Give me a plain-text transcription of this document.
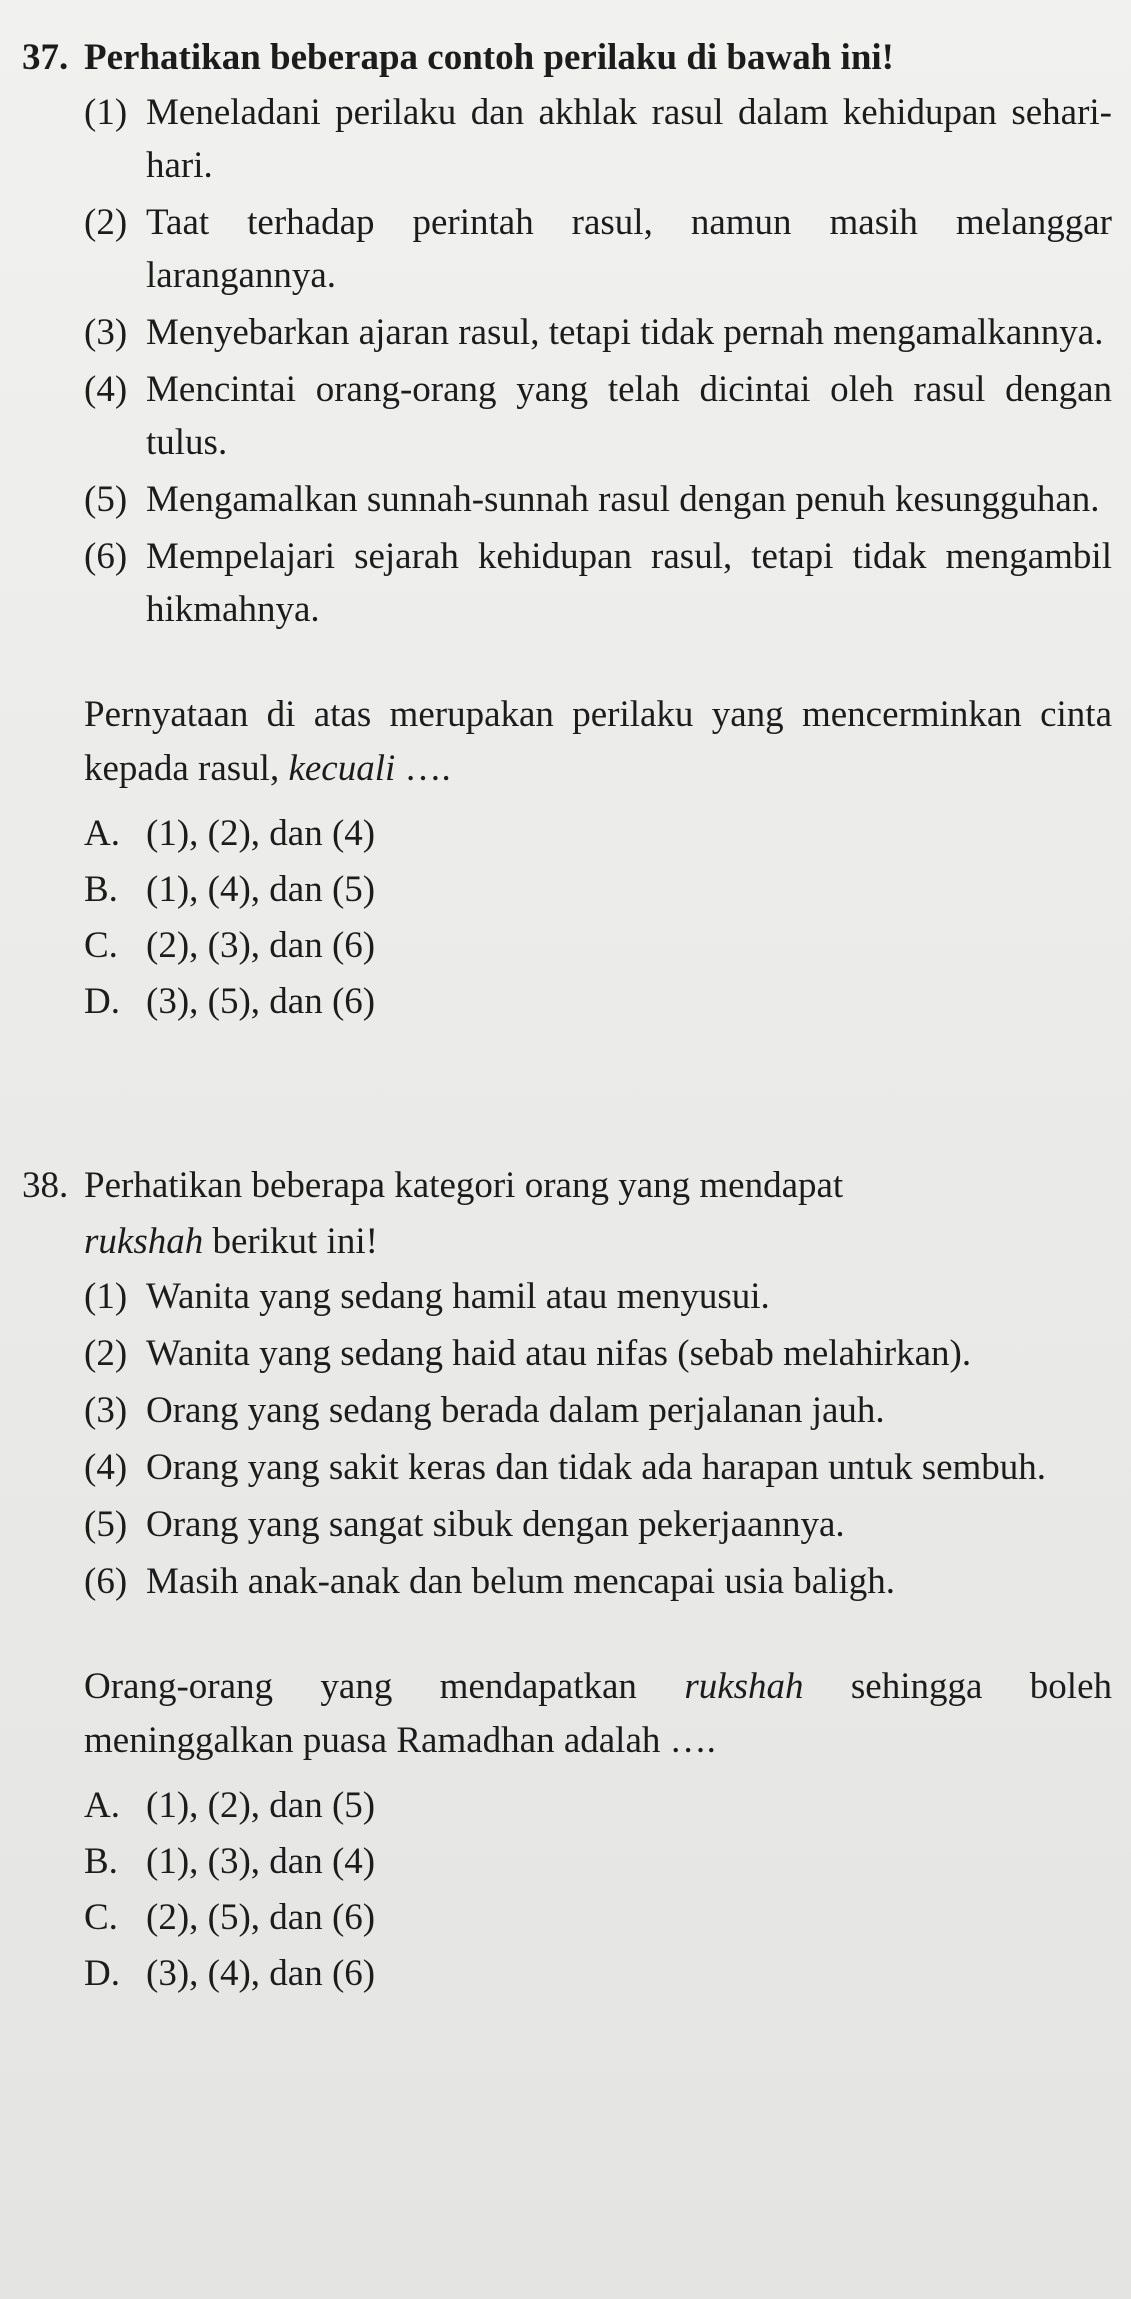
37. Perhatikan beberapa contoh perilaku di bawah ini!
(1) Meneladani perilaku dan akhlak rasul dalam kehidupan sehari-hari.
(2) Taat terhadap perintah rasul, namun masih melanggar larangannya.
(3) Menyebarkan ajaran rasul, tetapi tidak pernah mengamalkannya.
(4) Mencintai orang-orang yang telah dicintai oleh rasul dengan tulus.
(5) Mengamalkan sunnah-sunnah rasul dengan penuh kesungguhan.
(6) Mempelajari sejarah kehidupan rasul, tetapi tidak mengambil hikmahnya.
Pernyataan di atas merupakan perilaku yang mencerminkan cinta kepada rasul, kecuali ….
A. (1), (2), dan (4)
B. (1), (4), dan (5)
C. (2), (3), dan (6)
D. (3), (5), dan (6)
38. Perhatikan beberapa kategori orang yang mendapat
rukshah berikut ini!
(1) Wanita yang sedang hamil atau menyusui.
(2) Wanita yang sedang haid atau nifas (sebab melahirkan).
(3) Orang yang sedang berada dalam perjalanan jauh.
(4) Orang yang sakit keras dan tidak ada harapan untuk sembuh.
(5) Orang yang sangat sibuk dengan pekerjaannya.
(6) Masih anak-anak dan belum mencapai usia baligh.
Orang-orang yang mendapatkan rukshah sehingga boleh meninggalkan puasa Ramadhan adalah ….
A. (1), (2), dan (5)
B. (1), (3), dan (4)
C. (2), (5), dan (6)
D. (3), (4), dan (6)
